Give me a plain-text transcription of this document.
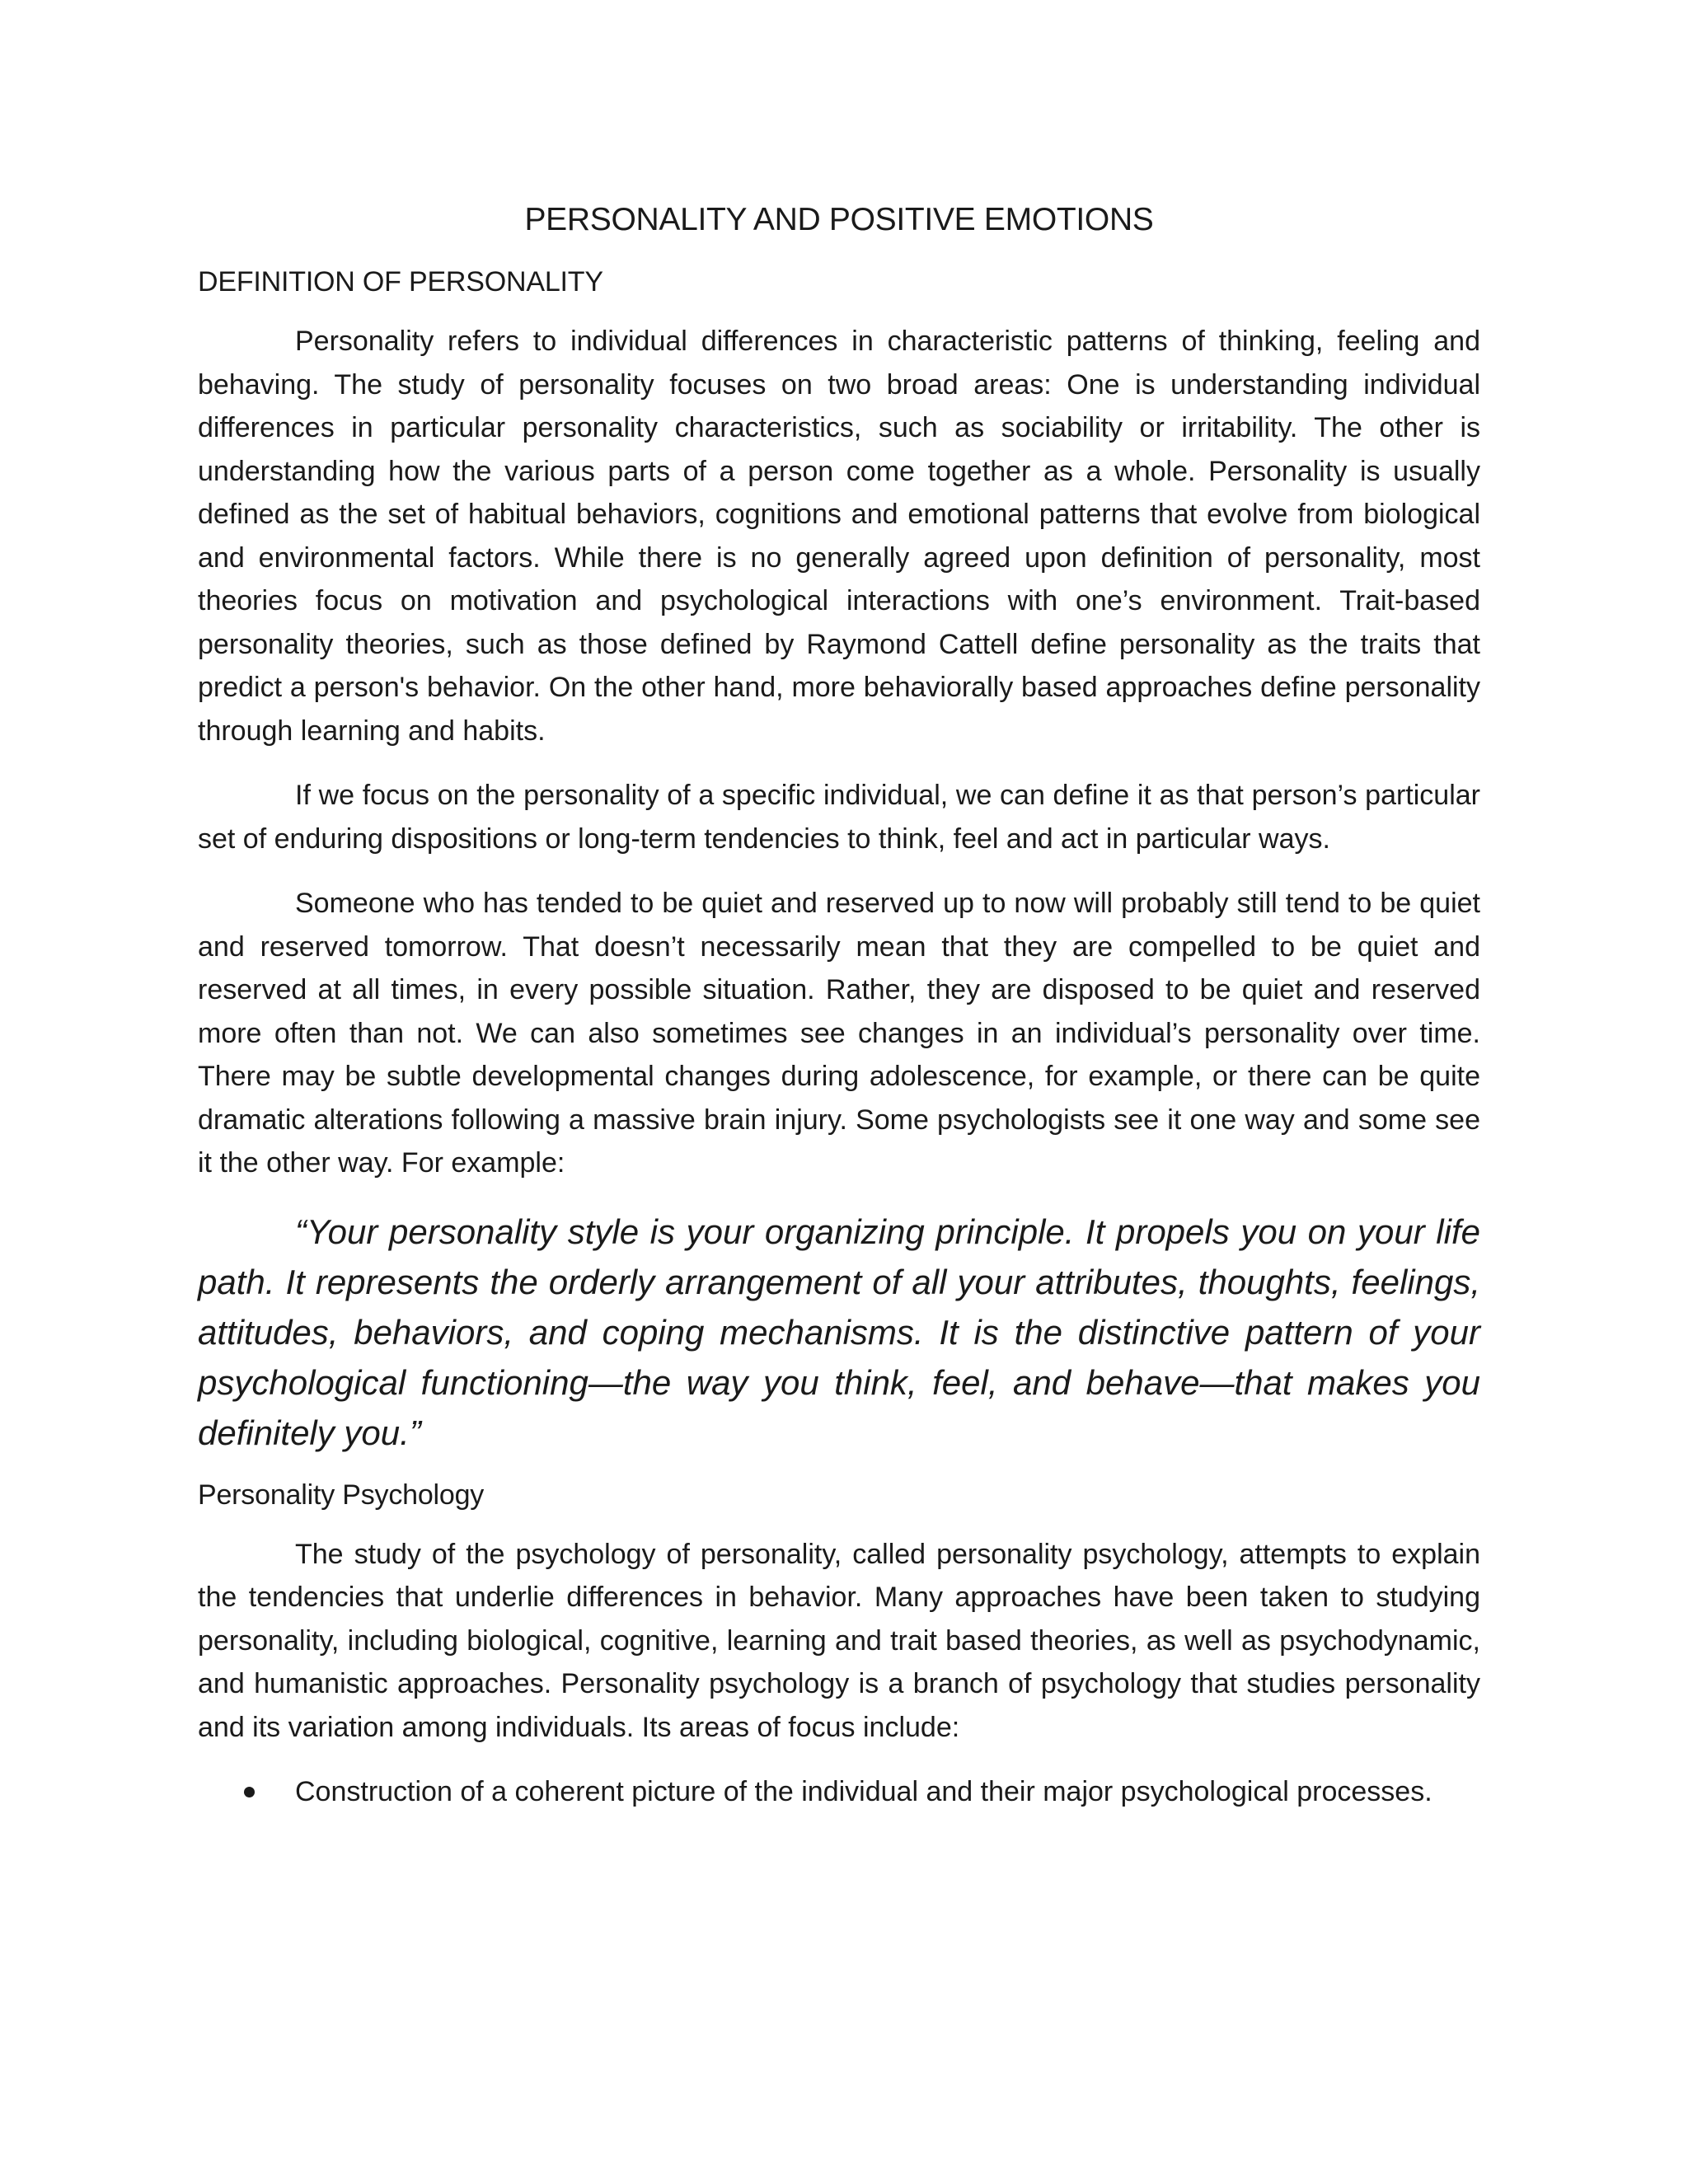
PERSONALITY AND POSITIVE EMOTIONS
DEFINITION OF PERSONALITY

Personality refers to individual differences in characteristic patterns of thinking, feeling and behaving. The study of personality focuses on two broad areas: One is understanding individual differences in particular personality characteristics, such as sociability or irritability. The other is understanding how the various parts of a person come together as a whole. Personality is usually defined as the set of habitual behaviors, cognitions and emotional patterns that evolve from biological and environmental factors. While there is no generally agreed upon definition of personality, most theories focus on motivation and psychological interactions with one’s environment. Trait-based personality theories, such as those defined by Raymond Cattell define personality as the traits that predict a person's behavior. On the other hand, more behaviorally based approaches define personality through learning and habits.

If we focus on the personality of a specific individual, we can define it as that person’s particular set of enduring dispositions or long-term tendencies to think, feel and act in particular ways.

Someone who has tended to be quiet and reserved up to now will probably still tend to be quiet and reserved tomorrow. That doesn’t necessarily mean that they are compelled to be quiet and reserved at all times, in every possible situation. Rather, they are disposed to be quiet and reserved more often than not. We can also sometimes see changes in an individual’s personality over time. There may be subtle developmental changes during adolescence, for example, or there can be quite dramatic alterations following a massive brain injury. Some psychologists see it one way and some see it the other way. For example:

“Your personality style is your organizing principle. It propels you on your life path. It represents the orderly arrangement of all your attributes, thoughts, feelings, attitudes, behaviors, and coping mechanisms. It is the distinctive pattern of your psychological functioning—the way you think, feel, and behave—that makes you definitely you.”

Personality Psychology

The study of the psychology of personality, called personality psychology, attempts to explain the tendencies that underlie differences in behavior. Many approaches have been taken to studying personality, including biological, cognitive, learning and trait based theories, as well as psychodynamic, and humanistic approaches. Personality psychology is a branch of psychology that studies personality and its variation among individuals. Its areas of focus include:

Construction of a coherent picture of the individual and their major psychological processes.
